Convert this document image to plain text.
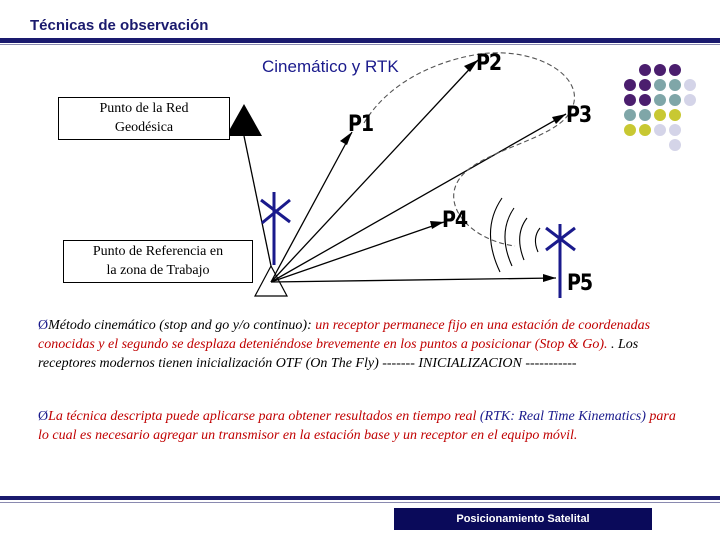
Técnicas de observación
Cinemático y RTK
Punto de la Red
Geodésica
Punto de Referencia en
la zona de Trabajo
P1
P2
P3
P4
P5
ØMétodo cinemático (stop and go y/o continuo): un receptor permanece fijo en una estación de coordenadas conocidas y el segundo se desplaza deteniéndose brevemente en los puntos a posicionar (Stop & Go). . Los receptores modernos tienen inicialización OTF (On The Fly) ------- INICIALIZACION -----------
ØLa técnica descripta puede aplicarse para obtener resultados en tiempo real (RTK: Real Time Kinematics) para lo cual es necesario agregar un transmisor en la estación base y un receptor en el equipo móvil.
Posicionamiento Satelital
